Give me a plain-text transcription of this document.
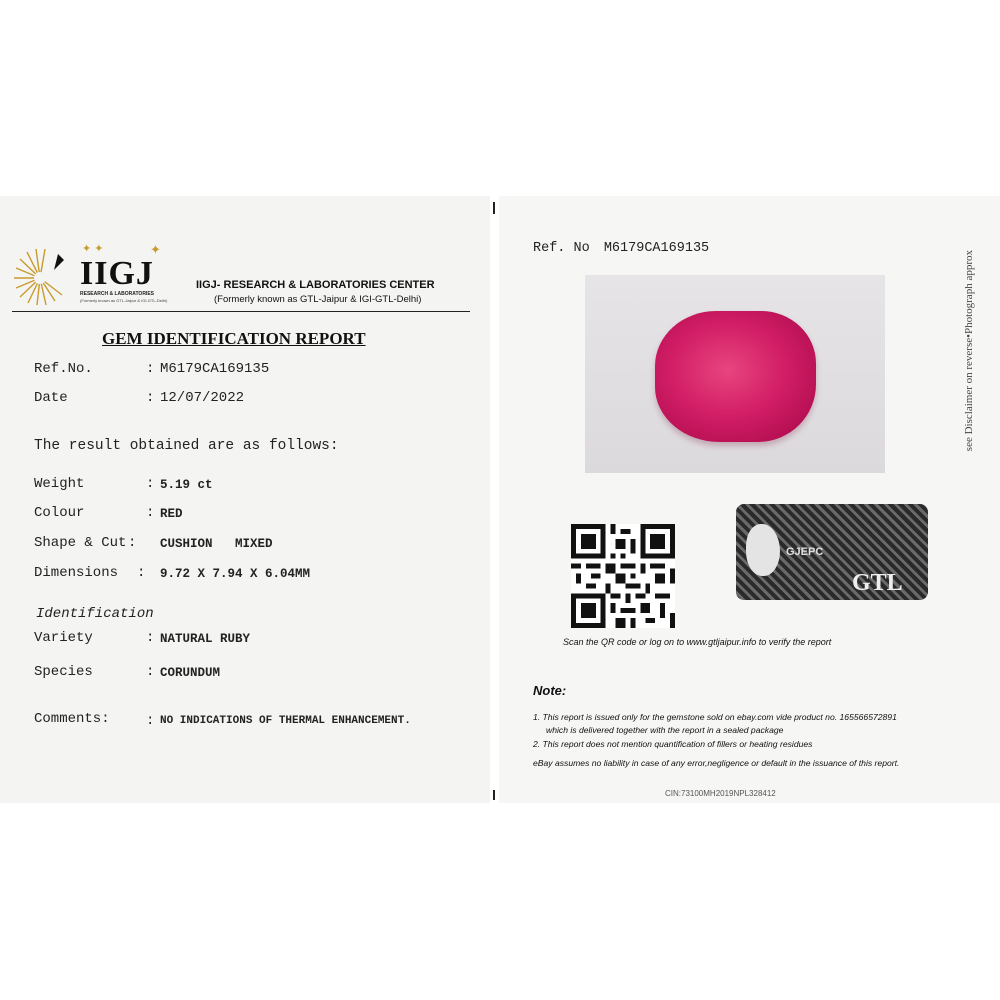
✦ ✦	✦
IIGJ
RESEARCH & LABORATORIES
(Formerly known as GTL-Jaipur & IGI-GTL-Delhi)
IIGJ- RESEARCH & LABORATORIES CENTER
(Formerly known as GTL-Jaipur & IGI-GTL-Delhi)
GEM IDENTIFICATION REPORT
Ref.No.	: M6179CA169135
Date	: 12/07/2022
The result obtained are as follows:
Weight	: 5.19 ct
Colour	: RED
Shape & Cut : CUSHION   MIXED
Dimensions : 9.72 X 7.94 X 6.04MM
Identification
Variety	: NATURAL RUBY
Species	: CORUNDUM
Comments:	: NO INDICATIONS OF THERMAL ENHANCEMENT.
Ref. No M6179CA169135
GJEPC
GTL
Scan the QR code or log on to www.gtljaipur.info to verify the report
Note:
1. This report is issued only for the gemstone sold on ebay.com vide product no. 165566572891
which is delivered together with the report in a sealed package
2. This report does not mention quantification of fillers or heating residues
eBay assumes no liability in case of any error,negligence or default in the issuance of this report.
CIN:73100MH2019NPL328412
see Disclaimer on reverse•Photograph approx
